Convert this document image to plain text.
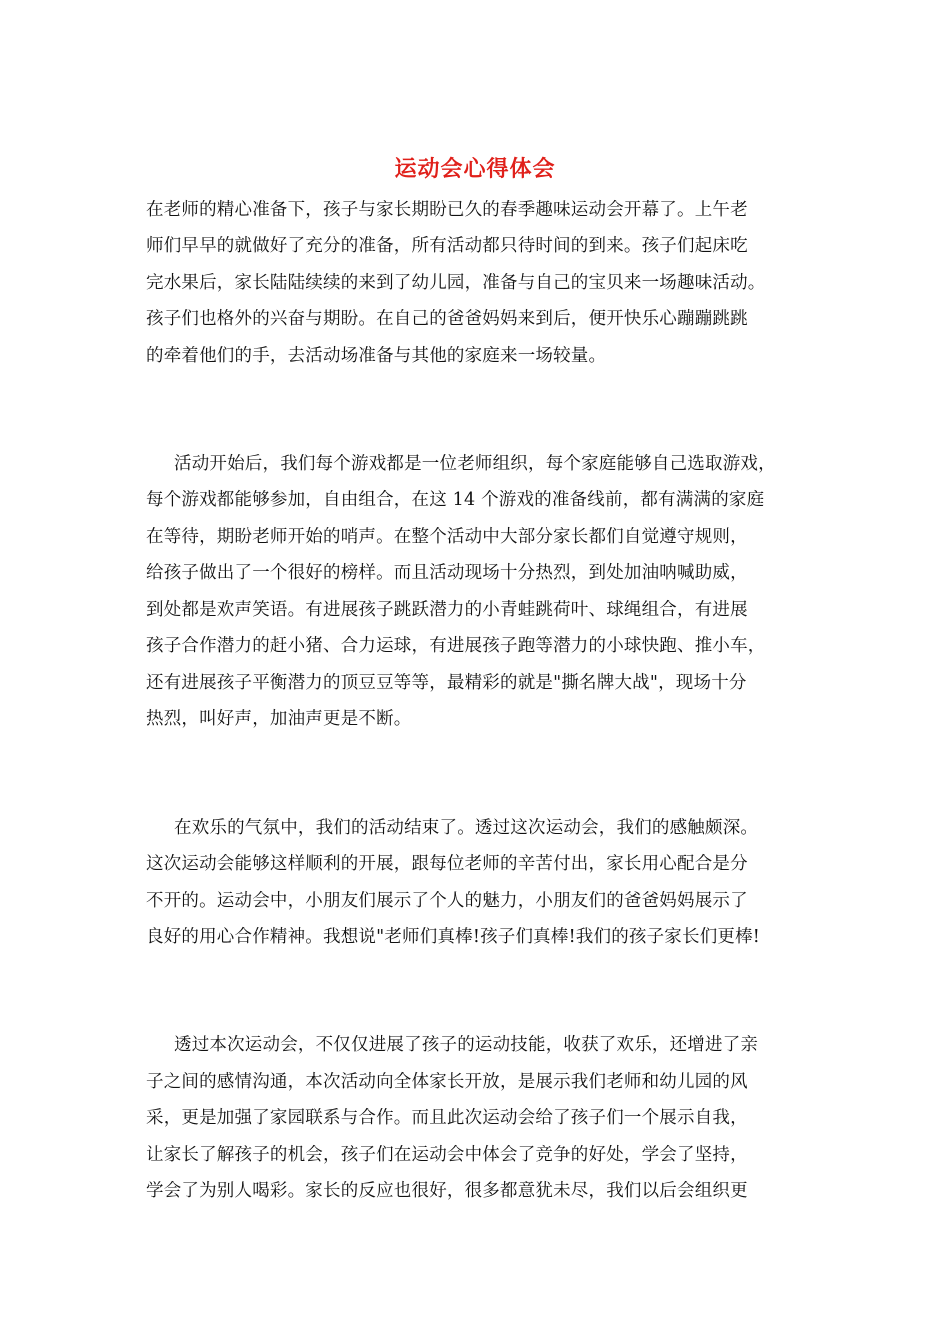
运动会心得体会
在老师的精心准备下，孩子与家长期盼已久的春季趣味运动会开幕了。上午老
师们早早的就做好了充分的准备，所有活动都只待时间的到来。孩子们起床吃
完水果后，家长陆陆续续的来到了幼儿园，准备与自己的宝贝来一场趣味活动。
孩子们也格外的兴奋与期盼。在自己的爸爸妈妈来到后，便开快乐心蹦蹦跳跳
的牵着他们的手，去活动场准备与其他的家庭来一场较量。
活动开始后，我们每个游戏都是一位老师组织，每个家庭能够自己选取游戏，
每个游戏都能够参加，自由组合，在这 14 个游戏的准备线前，都有满满的家庭
在等待，期盼老师开始的哨声。在整个活动中大部分家长都们自觉遵守规则，
给孩子做出了一个很好的榜样。而且活动现场十分热烈，到处加油呐喊助威，
到处都是欢声笑语。有进展孩子跳跃潜力的小青蛙跳荷叶、球绳组合，有进展
孩子合作潜力的赶小猪、合力运球，有进展孩子跑等潜力的小球快跑、推小车，
还有进展孩子平衡潜力的顶豆豆等等，最精彩的就是"撕名牌大战"，现场十分
热烈，叫好声，加油声更是不断。
在欢乐的气氛中，我们的活动结束了。透过这次运动会，我们的感触颇深。
这次运动会能够这样顺利的开展，跟每位老师的辛苦付出，家长用心配合是分
不开的。运动会中，小朋友们展示了个人的魅力，小朋友们的爸爸妈妈展示了
良好的用心合作精神。我想说"老师们真棒!孩子们真棒!我们的孩子家长们更棒!
透过本次运动会，不仅仅进展了孩子的运动技能，收获了欢乐，还增进了亲
子之间的感情沟通，本次活动向全体家长开放，是展示我们老师和幼儿园的风
采，更是加强了家园联系与合作。而且此次运动会给了孩子们一个展示自我，
让家长了解孩子的机会，孩子们在运动会中体会了竞争的好处，学会了坚持，
学会了为别人喝彩。家长的反应也很好，很多都意犹未尽，我们以后会组织更
